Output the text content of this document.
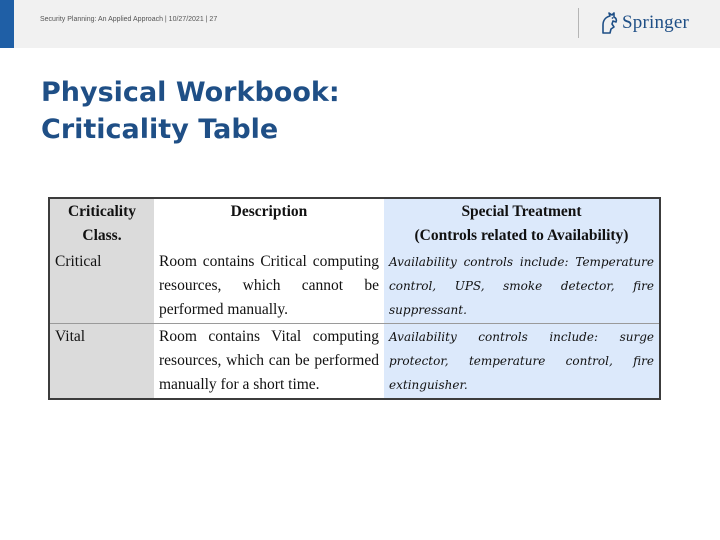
Security Planning: An Applied Approach | 10/27/2021 | 27	Springer
Physical Workbook:
Criticality Table
Criticality Class.	Description	Special Treatment
(Controls related to Availability)

Critical	Room contains Critical computing resources, which cannot be performed manually.	Availability controls include: Temperature control, UPS, smoke detector, fire suppressant.
Vital	Room contains Vital computing resources, which can be performed manually for a short time.	Availability controls include: surge protector, temperature control, fire extinguisher.
